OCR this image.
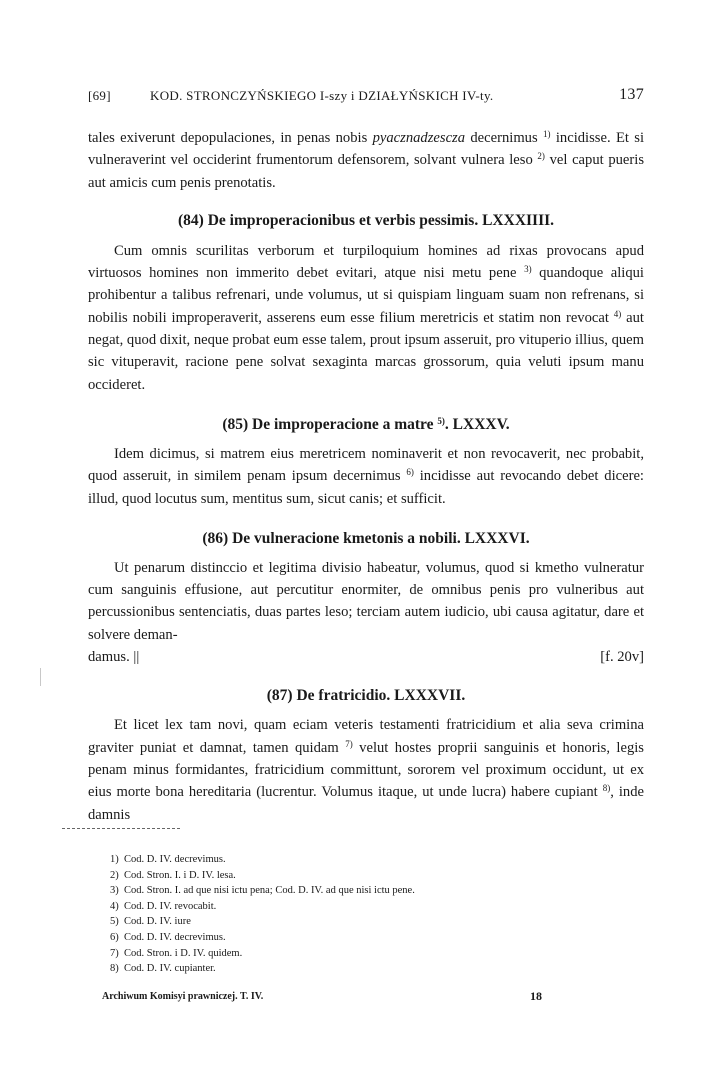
[69]	KOD. STRONCZYŃSKIEGO I-szy i DZIAŁYŃSKICH IV-ty.	137

tales exiverunt depopulaciones, in penas nobis pyacznadzescza decernimus $^{1)}$ incidisse. Et si vulneraverint vel occiderint frumentorum defensorem, solvant vulnera leso $^{2)}$ vel caput pueris aut amicis cum penis prenotatis.

(84) De improperacionibus et verbis pessimis. LXXXIIII.

Cum omnis scurilitas verborum et turpiloquium homines ad rixas provocans apud virtuosos homines non immerito debet evitari, atque nisi metu pene $^{3)}$ quandoque aliqui prohibentur a talibus refrenari, unde volumus, ut si quispiam linguam suam non refrenans, si nobilis nobili improperaverit, asserens eum esse filium meretricis et statim non revocat $^{4)}$ aut negat, quod dixit, neque probat eum esse talem, prout ipsum asseruit, pro vituperio illius, quem sic vituperavit, racione pene solvat sexaginta marcas grossorum, quia veluti ipsum manu occideret.

(85) De improperacione a matre $^{5)}$. LXXXV.

Idem dicimus, si matrem eius meretricem nominaverit et non revocaverit, nec probabit, quod asseruit, in similem penam ipsum decernimus $^{6)}$ incidisse aut revocando debet dicere: illud, quod locutus sum, mentitus sum, sicut canis; et sufficit.

(86) De vulneracione kmetonis a nobili. LXXXVI.

Ut penarum distinccio et legitima divisio habeatur, volumus, quod si kmetho vulneratur cum sanguinis effusione, aut percutitur enormiter, de omnibus penis pro vulneribus aut percussionibus sentenciatis, duas partes leso; terciam autem iudicio, ubi causa agitatur, dare et solvere deman-

damus. ||	[f. 20v]
(87) De fratricidio. LXXXVII.

Et licet lex tam novi, quam eciam veteris testamenti fratricidium et alia seva crimina graviter puniat et damnat, tamen quidam $^{7)}$ velut hostes proprii sanguinis et honoris, legis penam minus formidantes, fratricidium committunt, sororem vel proximum occidunt, ut ex eius morte bona hereditaria (lucrentur. Volumus itaque, ut unde lucra) habere cupiant $^{8)}$, inde damnis

1) Cod. D. IV. decrevimus.
2) Cod. Stron. I. i D. IV. lesa.
3) Cod. Stron. I. ad que nisi ictu pena; Cod. D. IV. ad que nisi ictu pene.
4) Cod. D. IV. revocabit.
5) Cod. D. IV. iure
6) Cod. D. IV. decrevimus.
7) Cod. Stron. i D. IV. quidem.
8) Cod. D. IV. cupianter.
Archiwum Komisyi prawniczej. T. IV.	18
